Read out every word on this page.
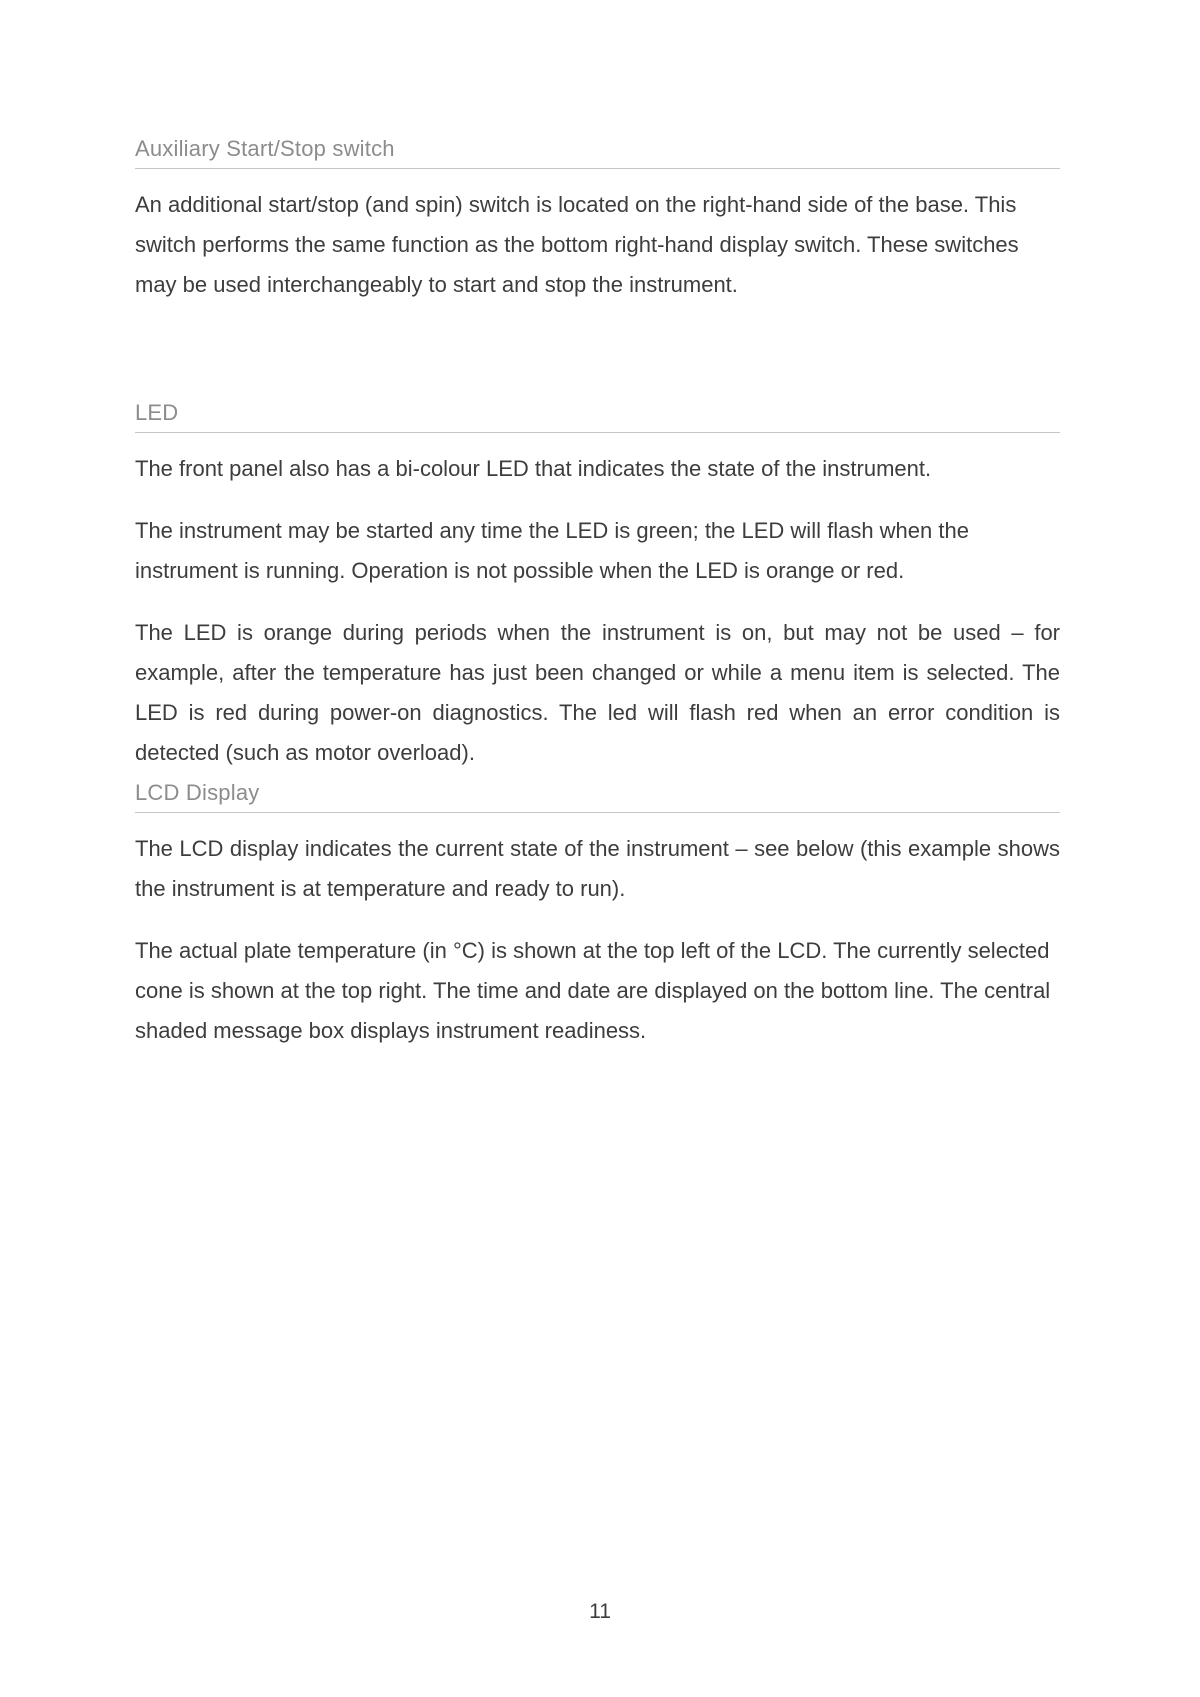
Auxiliary Start/Stop switch

An additional start/stop (and spin) switch is located on the right-hand side of the base. This switch performs the same function as the bottom right-hand display switch. These switches may be used interchangeably to start and stop the instrument.

LED

The front panel also has a bi-colour LED that indicates the state of the instrument.

The instrument may be started any time the LED is green; the LED will flash when the instrument is running. Operation is not possible when the LED is orange or red.

The LED is orange during periods when the instrument is on, but may not be used – for example, after the temperature has just been changed or while a menu item is selected. The LED is red during power-on diagnostics. The led will flash red when an error condition is detected (such as motor overload).

LCD Display

The LCD display indicates the current state of the instrument – see below (this example shows the instrument is at temperature and ready to run).

The actual plate temperature (in °C) is shown at the top left of the LCD. The currently selected cone is shown at the top right. The time and date are displayed on the bottom line. The central shaded message box displays instrument readiness.

11
